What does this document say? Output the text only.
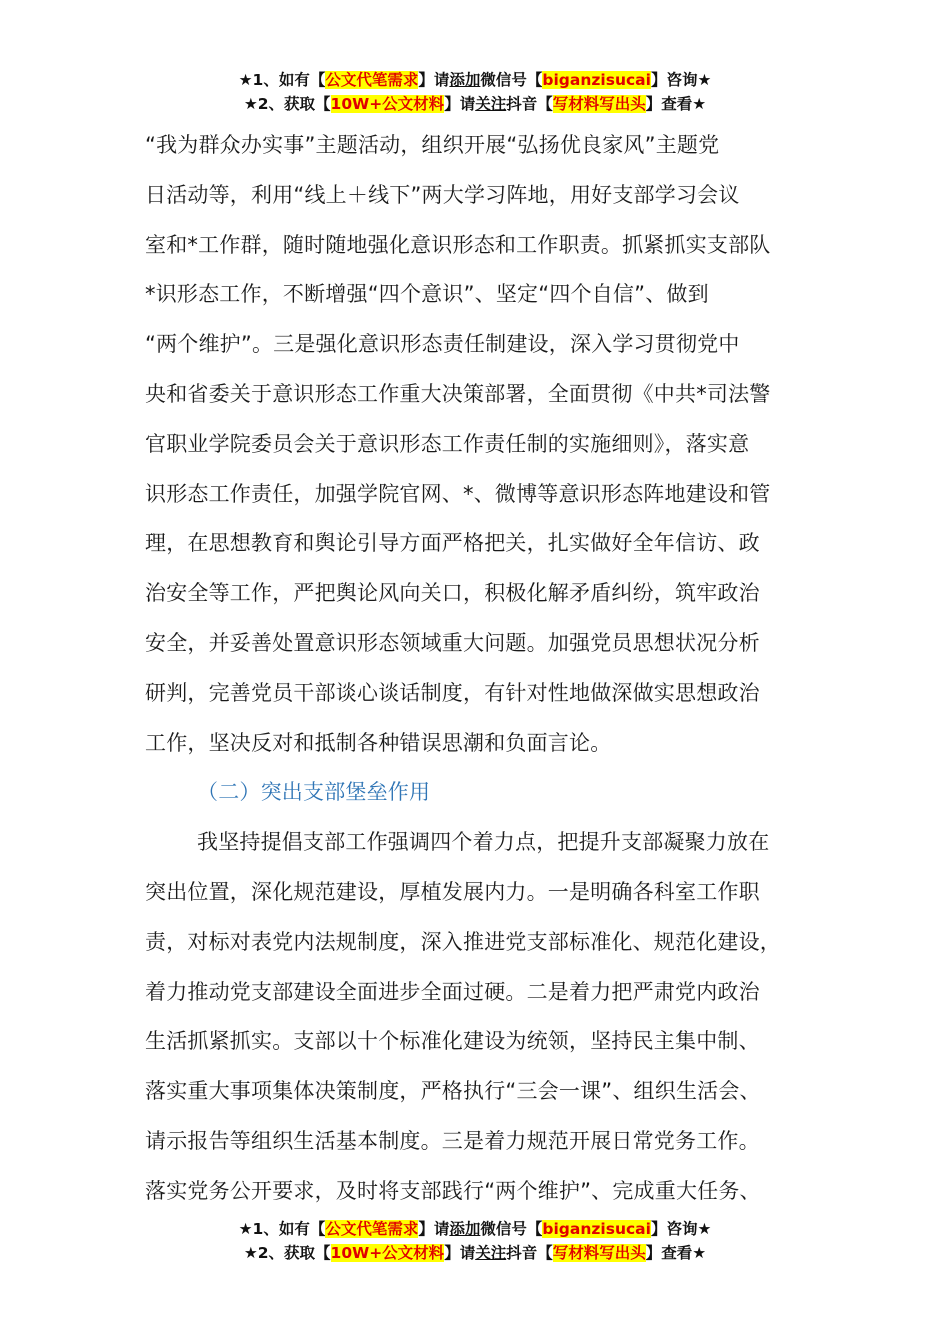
★1、如有【公文代笔需求】请添加微信号【biganzisucai】咨询★
★2、获取【10W+公文材料】请关注抖音【写材料写出头】查看★

“我为群众办实事”主题活动，组织开展“弘扬优良家风”主题党
日活动等，利用“线上＋线下”两大学习阵地，用好支部学习会议
室和*工作群，随时随地强化意识形态和工作职责。抓紧抓实支部队
*识形态工作，不断增强“四个意识”、坚定“四个自信”、做到
“两个维护”。三是强化意识形态责任制建设，深入学习贯彻党中
央和省委关于意识形态工作重大决策部署，全面贯彻《中共*司法警
官职业学院委员会关于意识形态工作责任制的实施细则》，落实意
识形态工作责任，加强学院官网、*、微博等意识形态阵地建设和管
理，在思想教育和舆论引导方面严格把关，扎实做好全年信访、政
治安全等工作，严把舆论风向关口，积极化解矛盾纠纷，筑牢政治
安全，并妥善处置意识形态领域重大问题。加强党员思想状况分析
研判，完善党员干部谈心谈话制度，有针对性地做深做实思想政治
工作，坚决反对和抵制各种错误思潮和负面言论。

（二）突出支部堡垒作用

我坚持提倡支部工作强调四个着力点，把提升支部凝聚力放在
突出位置，深化规范建设，厚植发展内力。一是明确各科室工作职
责，对标对表党内法规制度，深入推进党支部标准化、规范化建设，
着力推动党支部建设全面进步全面过硬。二是着力把严肃党内政治
生活抓紧抓实。支部以十个标准化建设为统领，坚持民主集中制、
落实重大事项集体决策制度，严格执行“三会一课”、组织生活会、
请示报告等组织生活基本制度。三是着力规范开展日常党务工作。
落实党务公开要求，及时将支部践行“两个维护”、完成重大任务、

★1、如有【公文代笔需求】请添加微信号【biganzisucai】咨询★
★2、获取【10W+公文材料】请关注抖音【写材料写出头】查看★
